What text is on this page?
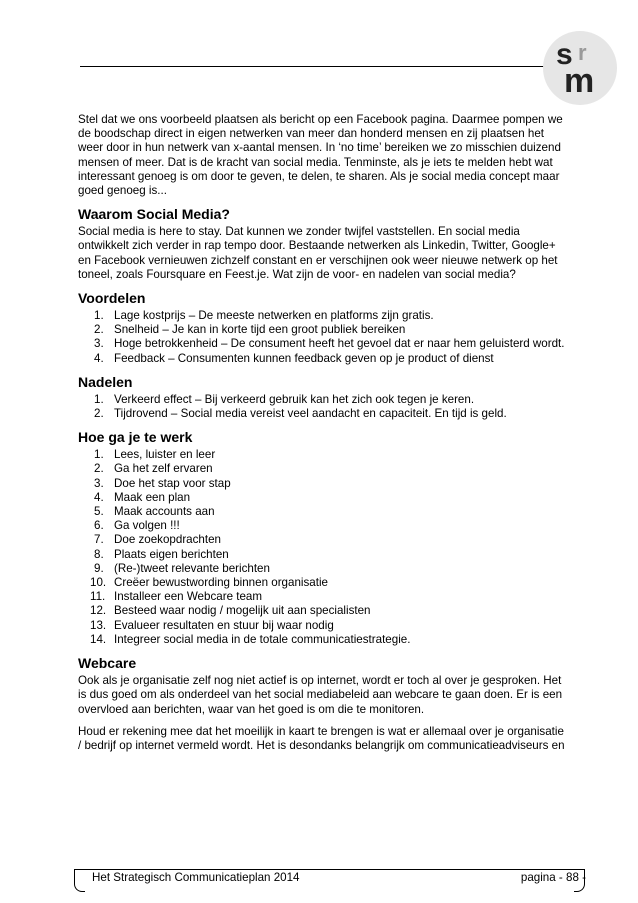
s r
m

Stel dat we ons voorbeeld plaatsen als bericht op een Facebook pagina. Daarmee pompen we de boodschap direct in eigen netwerken van meer dan honderd mensen en zij plaatsen het weer door in hun netwerk van x-aantal mensen. In ‘no time’ bereiken we zo misschien duizend mensen of meer. Dat is de kracht van social media. Tenminste, als je iets te melden hebt wat interessant genoeg is om door te geven, te delen, te sharen. Als je social media concept maar goed genoeg is...

Waarom Social Media?

Social media is here to stay. Dat kunnen we zonder twijfel vaststellen. En social media ontwikkelt zich verder in rap tempo door. Bestaande netwerken als Linkedin, Twitter, Google+ en Facebook vernieuwen zichzelf constant en er verschijnen ook weer nieuwe netwerk op het toneel, zoals Foursquare en Feest.je. Wat zijn de voor- en nadelen van social media?

Voordelen
1. Lage kostprijs – De meeste netwerken en platforms zijn gratis.
2. Snelheid – Je kan in korte tijd een groot publiek bereiken
3. Hoge betrokkenheid – De consument heeft het gevoel dat er naar hem geluisterd wordt.
4. Feedback – Consumenten kunnen feedback geven op je product of dienst
Nadelen
1. Verkeerd effect – Bij verkeerd gebruik kan het zich ook tegen je keren.
2. Tijdrovend – Social media vereist veel aandacht en capaciteit. En tijd is geld.
Hoe ga je te werk
1. Lees, luister en leer
2. Ga het zelf ervaren
3. Doe het stap voor stap
4. Maak een plan
5. Maak accounts aan
6. Ga volgen !!!
7. Doe zoekopdrachten
8. Plaats eigen berichten
9. (Re-)tweet relevante berichten
10. Creëer bewustwording binnen organisatie
11. Installeer een Webcare team
12. Besteed waar nodig / mogelijk uit aan specialisten
13. Evalueer resultaten en stuur bij waar nodig
14. Integreer social media in de totale communicatiestrategie.
Webcare

Ook als je organisatie zelf nog niet actief is op internet, wordt er toch al over je gesproken. Het is dus goed om als onderdeel van het social mediabeleid aan webcare te gaan doen. Er is een overvloed aan berichten, waar van het goed is om die te monitoren.

Houd er rekening mee dat het moeilijk in kaart te brengen is wat er allemaal over je organisatie / bedrijf op internet vermeld wordt. Het is desondanks belangrijk om communicatieadviseurs en

Het Strategisch Communicatieplan 2014	pagina - 88 -
